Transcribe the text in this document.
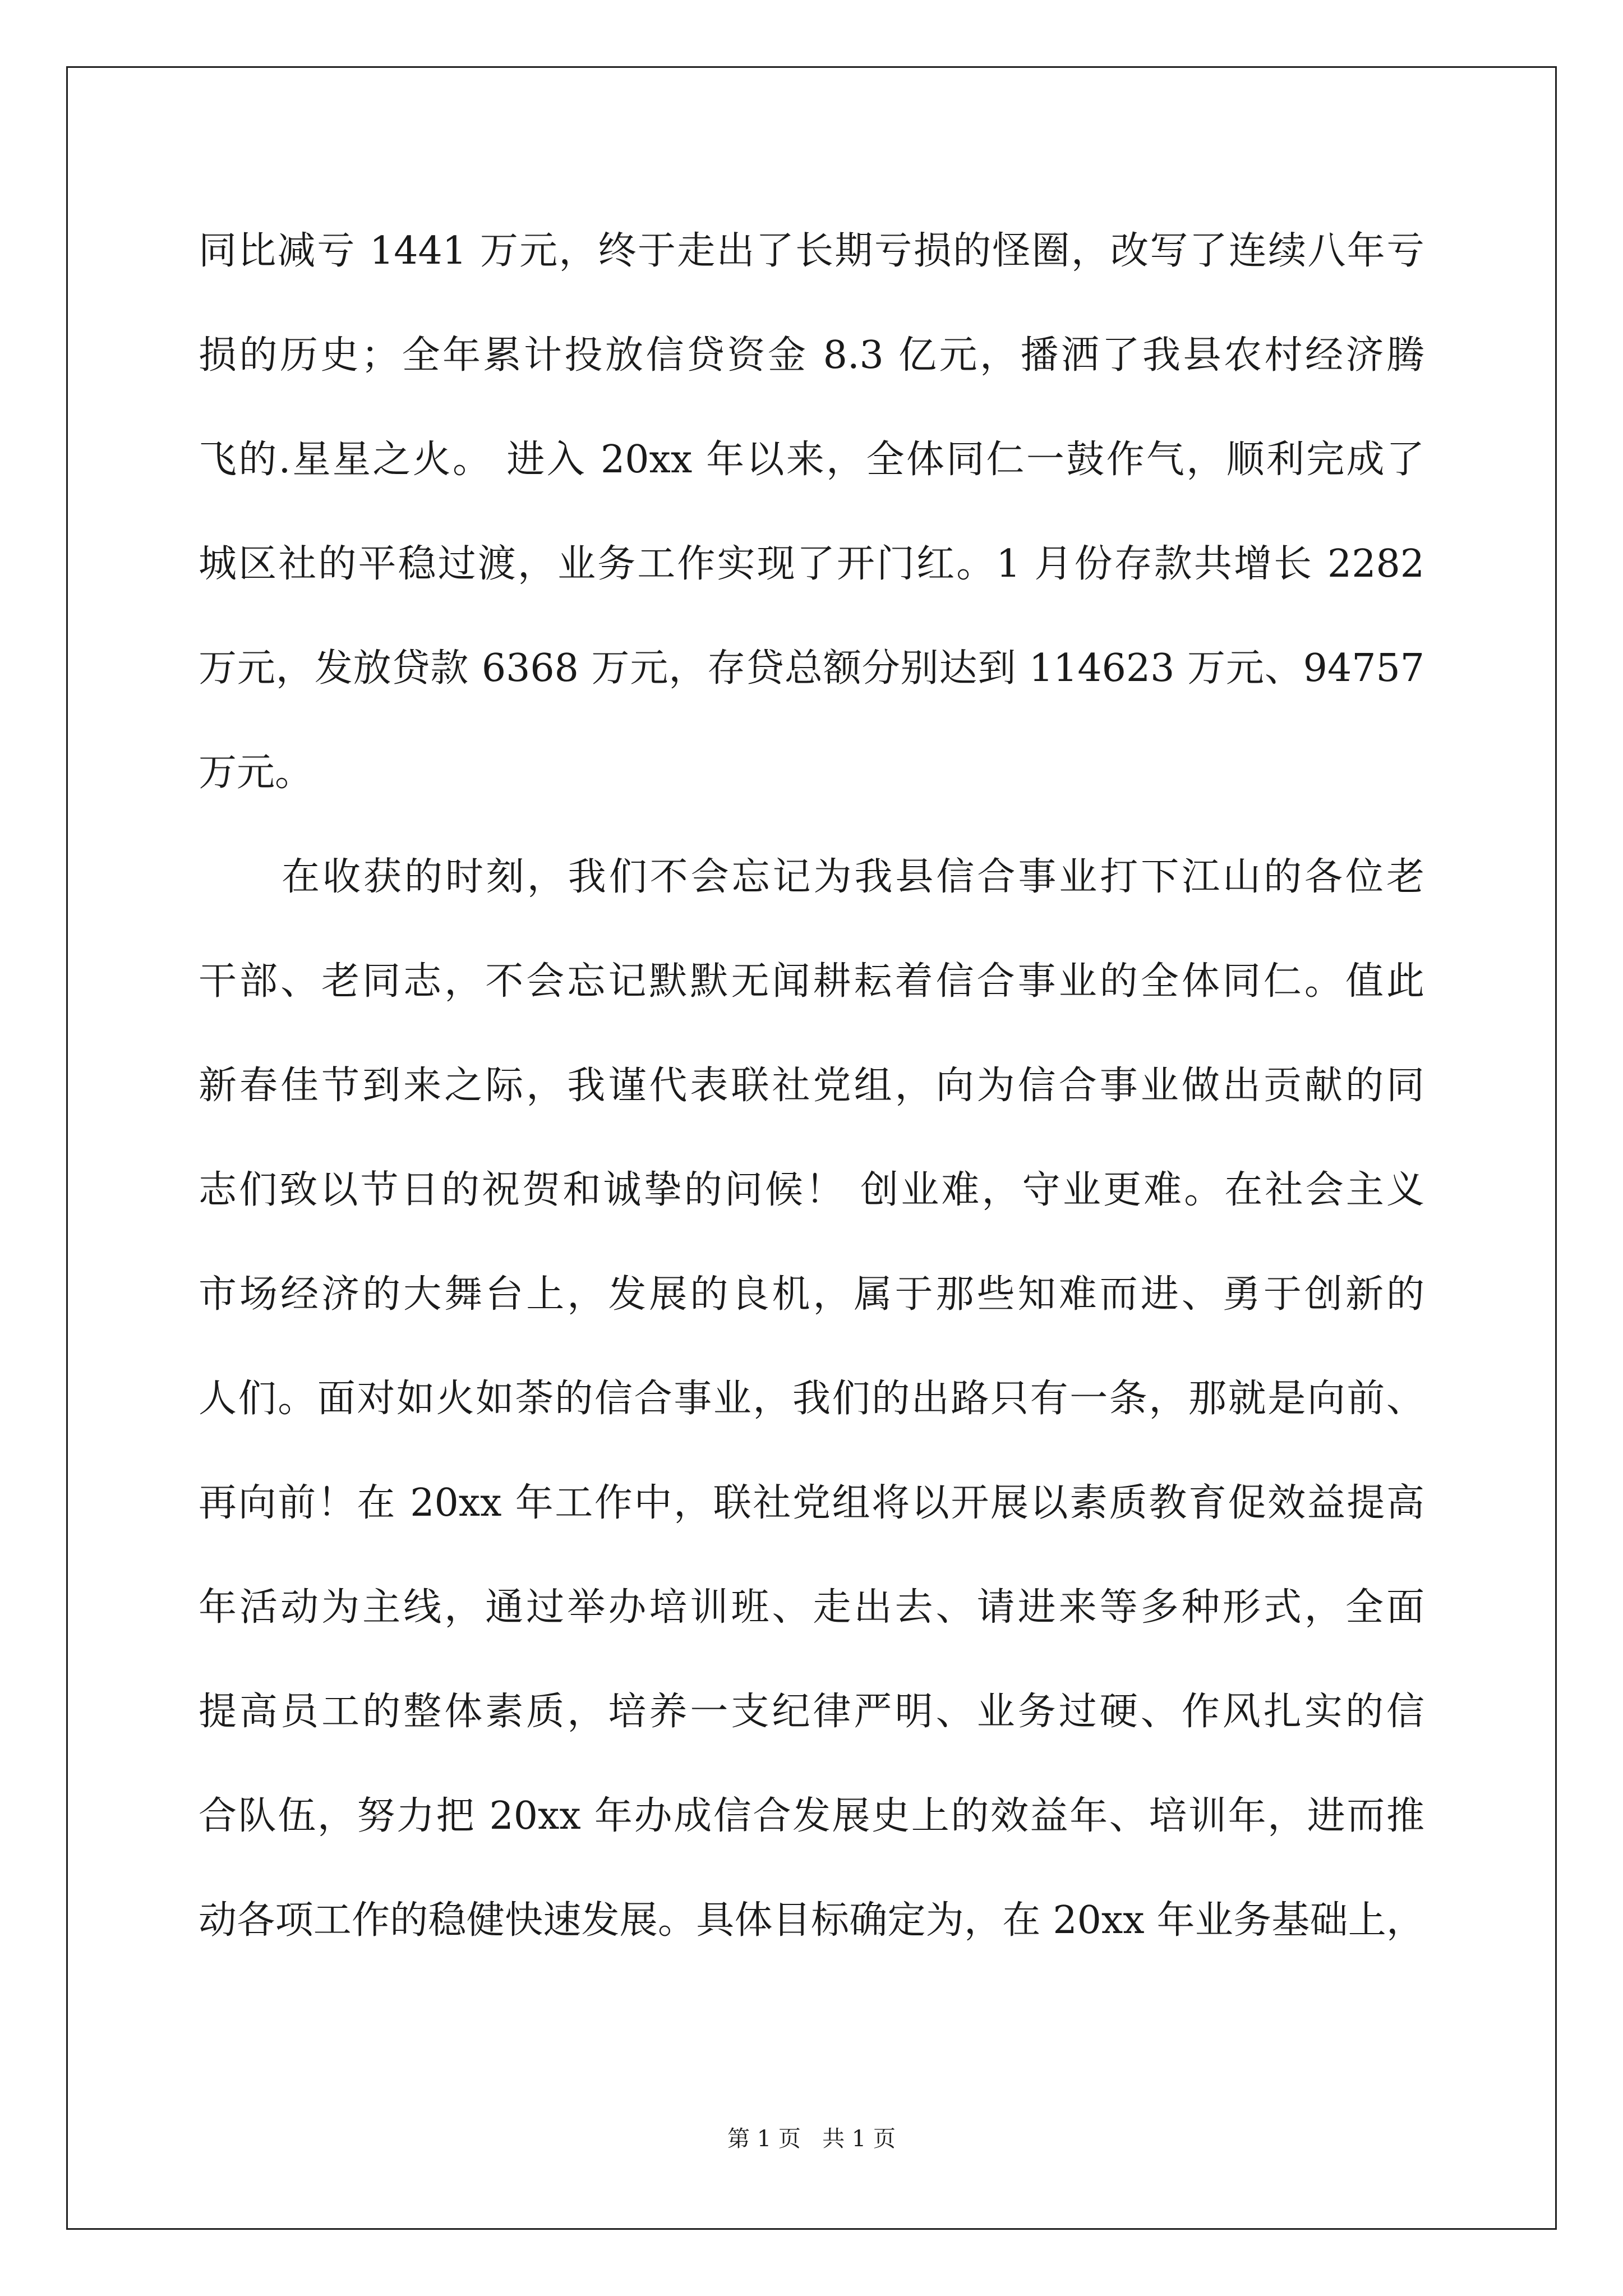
同比减亏 1441 万元，终于走出了长期亏损的怪圈，改写了连续八年亏
损的历史；全年累计投放信贷资金 8.3 亿元，播洒了我县农村经济腾
飞的.星星之火。 进入 20xx 年以来，全体同仁一鼓作气，顺利完成了
城区社的平稳过渡，业务工作实现了开门红。1 月份存款共增长 2282
万元，发放贷款 6368 万元，存贷总额分别达到 114623 万元、94757
万元。
在收获的时刻，我们不会忘记为我县信合事业打下江山的各位老
干部、老同志，不会忘记默默无闻耕耘着信合事业的全体同仁。值此
新春佳节到来之际，我谨代表联社党组，向为信合事业做出贡献的同
志们致以节日的祝贺和诚挚的问候！ 创业难，守业更难。在社会主义
市场经济的大舞台上，发展的良机，属于那些知难而进、勇于创新的
人们。面对如火如荼的信合事业，我们的出路只有一条，那就是向前、
再向前！在 20xx 年工作中，联社党组将以开展以素质教育促效益提高
年活动为主线，通过举办培训班、走出去、请进来等多种形式，全面
提高员工的整体素质，培养一支纪律严明、业务过硬、作风扎实的信
合队伍，努力把 20xx 年办成信合发展史上的效益年、培训年，进而推
动各项工作的稳健快速发展。具体目标确定为，在 20xx 年业务基础上，
第 1 页 共 1 页
